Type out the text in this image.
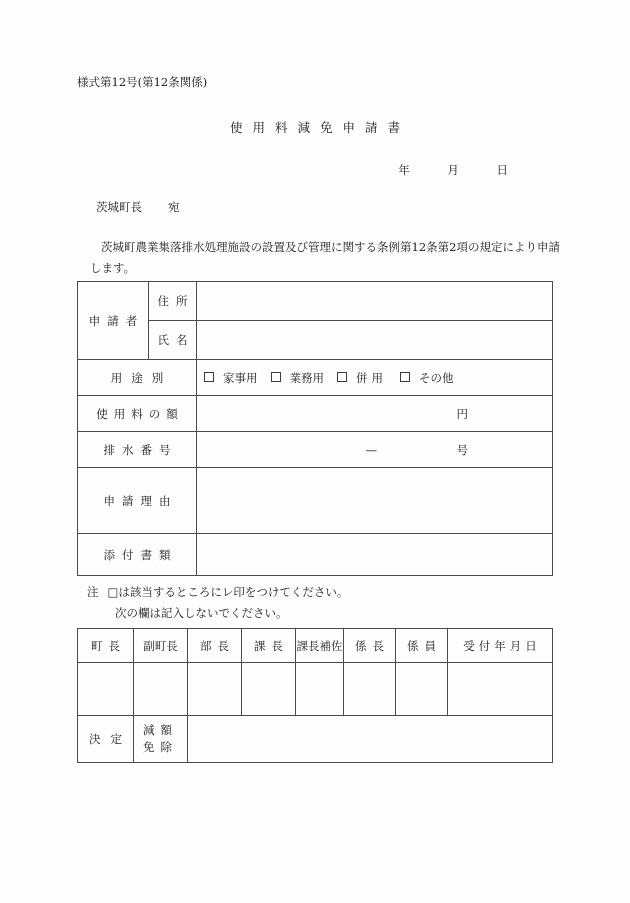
様式第12号(第12条関係)
使用料減免申請書
年 月 日
茨城町長 宛
茨城町農業集落排水処理施設の設置及び管理に関する条例第12条第2項の規定により申請します。
申請者	住所	
	氏名	
用途別		家事用 業務用 併用 その他

使用料の額		円

排水番号		— 号

申請理由		
添付書類		
注 □は該当するところにレ印をつけてください。
次の欄は記入しないでください。
町長	副町長	部長	課長	課長補佐	係長	係員	受付年月日

決定	減額
免除						
